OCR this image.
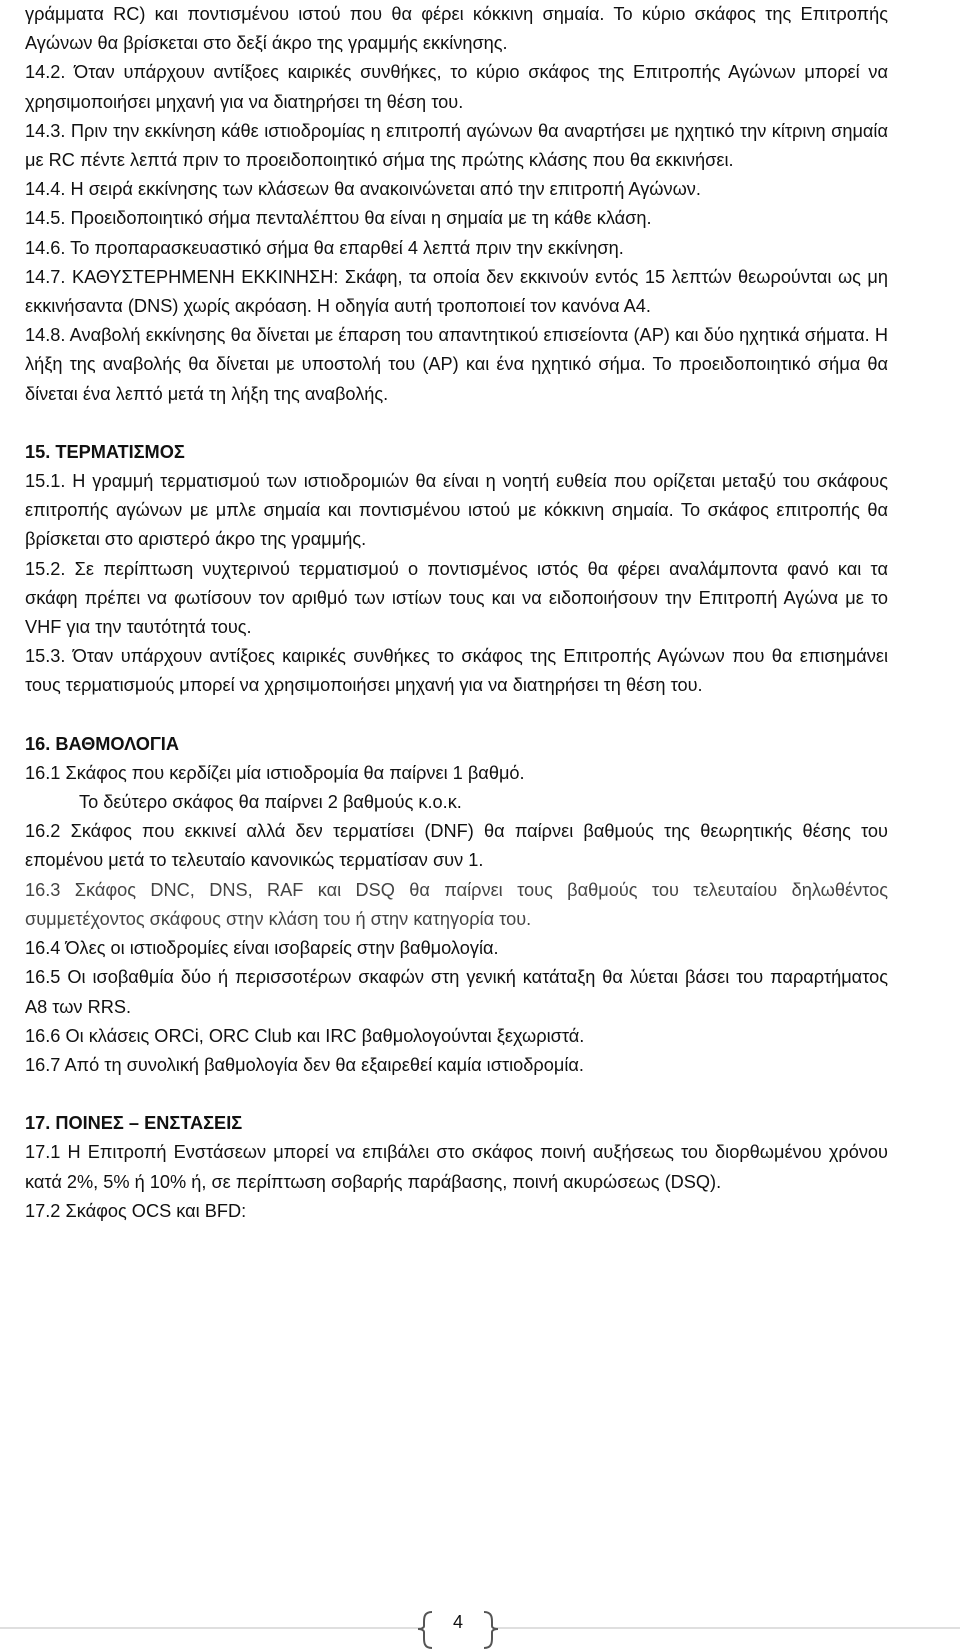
γράμματα RC) και ποντισμένου ιστού που θα φέρει κόκκινη σημαία. Το κύριο σκάφος της Επιτροπής Αγώνων θα βρίσκεται στο δεξί άκρο της γραμμής εκκίνησης.

14.2. Όταν υπάρχουν αντίξοες καιρικές συνθήκες, το κύριο σκάφος της Επιτροπής Αγώνων μπορεί να χρησιμοποιήσει μηχανή για να διατηρήσει τη θέση του.

14.3. Πριν την εκκίνηση κάθε ιστιοδρομίας η επιτροπή αγώνων θα αναρτήσει με ηχητικό την κίτρινη σημαία με RC πέντε λεπτά πριν το προειδοποιητικό σήμα της πρώτης κλάσης που θα εκκινήσει.

14.4. Η σειρά εκκίνησης των κλάσεων θα ανακοινώνεται από την επιτροπή Αγώνων.

14.5. Προειδοποιητικό σήμα πενταλέπτου θα είναι η σημαία με τη κάθε κλάση.

14.6. Το προπαρασκευαστικό σήμα θα επαρθεί 4 λεπτά πριν την εκκίνηση.

14.7. ΚΑΘΥΣΤΕΡΗΜΕΝΗ ΕΚΚΙΝΗΣΗ: Σκάφη, τα οποία δεν εκκινούν εντός 15 λεπτών θεωρούνται ως μη εκκινήσαντα (DNS) χωρίς ακρόαση. Η οδηγία αυτή τροποποιεί τον κανόνα Α4.

14.8. Αναβολή εκκίνησης θα δίνεται με έπαρση του απαντητικού επισείοντα (AP) και δύο ηχητικά σήματα. Η λήξη της αναβολής θα δίνεται με υποστολή του (AP) και ένα ηχητικό σήμα. Το προειδοποιητικό σήμα θα δίνεται ένα λεπτό μετά τη λήξη της αναβολής.

15. ΤΕΡΜΑΤΙΣΜΟΣ

15.1. Η γραμμή τερματισμού των ιστιοδρομιών θα είναι η νοητή ευθεία που ορίζεται μεταξύ του σκάφους επιτροπής αγώνων με μπλε σημαία και ποντισμένου ιστού με κόκκινη σημαία. Το σκάφος επιτροπής θα βρίσκεται στο αριστερό άκρο της γραμμής.

15.2. Σε περίπτωση νυχτερινού τερματισμού ο ποντισμένος ιστός θα φέρει αναλάμποντα φανό και τα σκάφη πρέπει να φωτίσουν τον αριθμό των ιστίων τους και να ειδοποιήσουν την Επιτροπή Αγώνα με το VHF για την ταυτότητά τους.

15.3. Όταν υπάρχουν αντίξοες καιρικές συνθήκες το σκάφος της Επιτροπής Αγώνων που θα επισημάνει τους τερματισμούς μπορεί να χρησιμοποιήσει μηχανή για να διατηρήσει τη θέση του.

16. ΒΑΘΜΟΛΟΓΙΑ

16.1 Σκάφος που κερδίζει μία ιστιοδρομία θα παίρνει 1 βαθμό.

Το δεύτερο σκάφος θα παίρνει 2 βαθμούς κ.ο.κ.

16.2 Σκάφος που εκκινεί αλλά δεν τερματίσει (DNF) θα παίρνει βαθμούς της θεωρητικής θέσης του επομένου μετά το τελευταίο κανονικώς τερματίσαν συν 1.

16.3 Σκάφος DNC, DNS, RAF και DSQ θα παίρνει τους βαθμούς του τελευταίου δηλωθέντος συμμετέχοντος σκάφους στην κλάση του ή στην κατηγορία του.

16.4 Όλες οι ιστιοδρομίες είναι ισοβαρείς στην βαθμολογία.

16.5 Οι ισοβαθμία δύο ή περισσοτέρων σκαφών στη γενική κατάταξη θα λύεται βάσει του παραρτήματος Α8 των RRS.

16.6 Οι κλάσεις ORCi, ORC Club και IRC βαθμολογούνται ξεχωριστά.

16.7 Από τη συνολική βαθμολογία δεν θα εξαιρεθεί καμία ιστιοδρομία.

17. ΠΟΙΝΕΣ – ΕΝΣΤΑΣΕΙΣ

17.1 Η Επιτροπή Ενστάσεων μπορεί να επιβάλει στο σκάφος ποινή αυξήσεως του διορθωμένου χρόνου κατά 2%, 5% ή 10% ή, σε περίπτωση σοβαρής παράβασης, ποινή ακυρώσεως (DSQ).

17.2 Σκάφος OCS και BFD:

4
